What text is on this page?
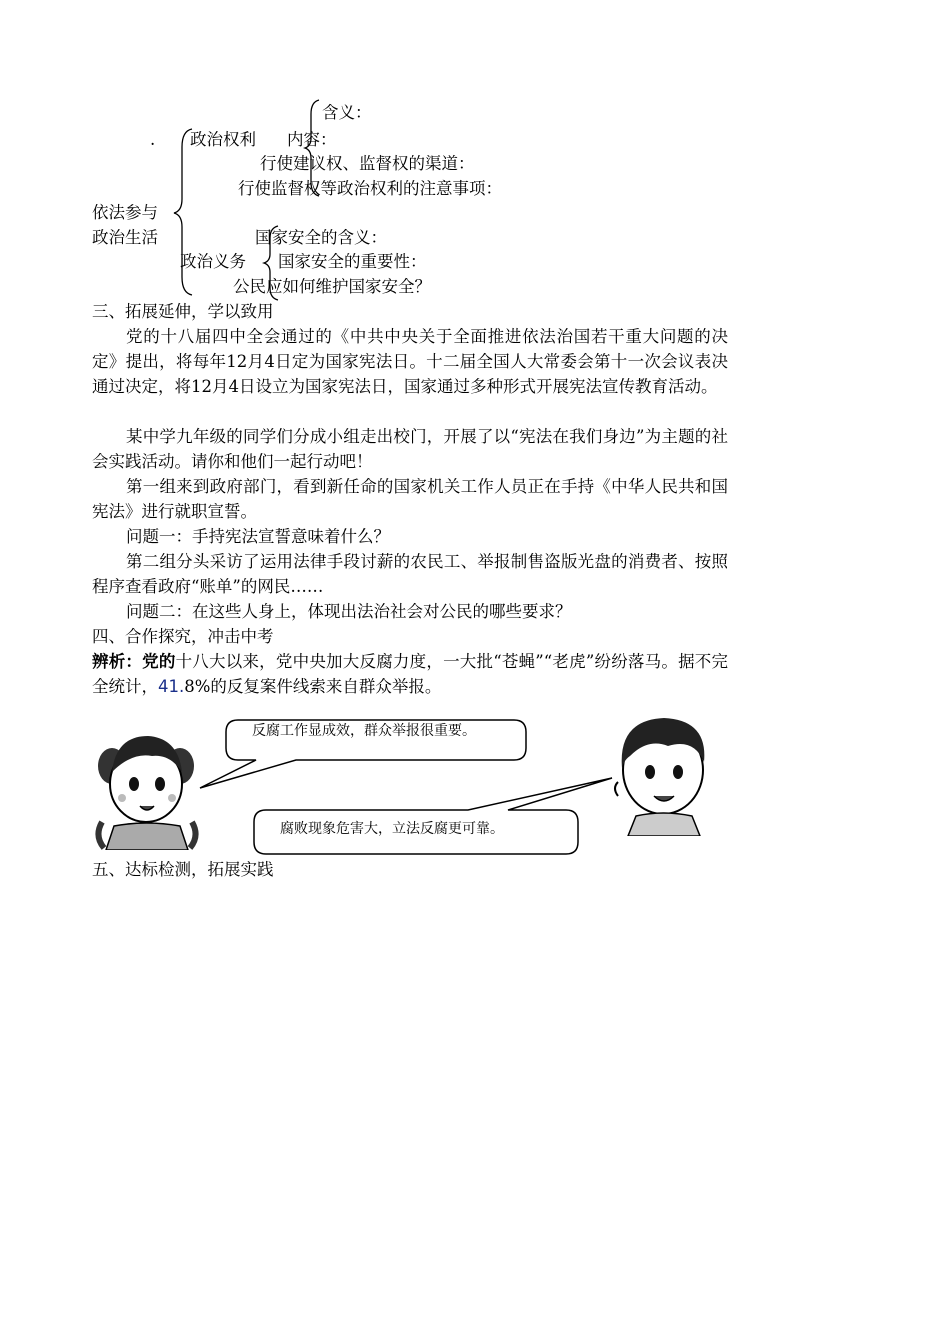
含义：
. 政治权利 内容：
行使建议权、监督权的渠道：
行使监督权等政治权利的注意事项：
依法参与
政治生活	国家安全的含义：
政治义务 国家安全的重要性：
公民应如何维护国家安全？
三、拓展延伸，学以致用
党的十八届四中全会通过的《中共中央关于全面推进依法治国若干重大问题的决定》提出，将每年12月4日定为国家宪法日。十二届全国人大常委会第十一次会议表决通过决定，将12月4日设立为国家宪法日，国家通过多种形式开展宪法宣传教育活动。
某中学九年级的同学们分成小组走出校门，开展了以“宪法在我们身边”为主题的社会实践活动。请你和他们一起行动吧！
第一组来到政府部门，看到新任命的国家机关工作人员正在手持《中华人民共和国宪法》进行就职宣誓。
问题一：手持宪法宣誓意味着什么？
第二组分头采访了运用法律手段讨薪的农民工、举报制售盗版光盘的消费者、按照程序查看政府“账单”的网民……
问题二：在这些人身上，体现出法治社会对公民的哪些要求？
四、合作探究，冲击中考
辨析：党的十八大以来，党中央加大反腐力度，一大批“苍蝇”“老虎”纷纷落马。据不完全统计，41.8%的反复案件线索来自群众举报。
反腐工作显成效，群众举报很重要。
腐败现象危害大，立法反腐更可靠。
五、达标检测，拓展实践
